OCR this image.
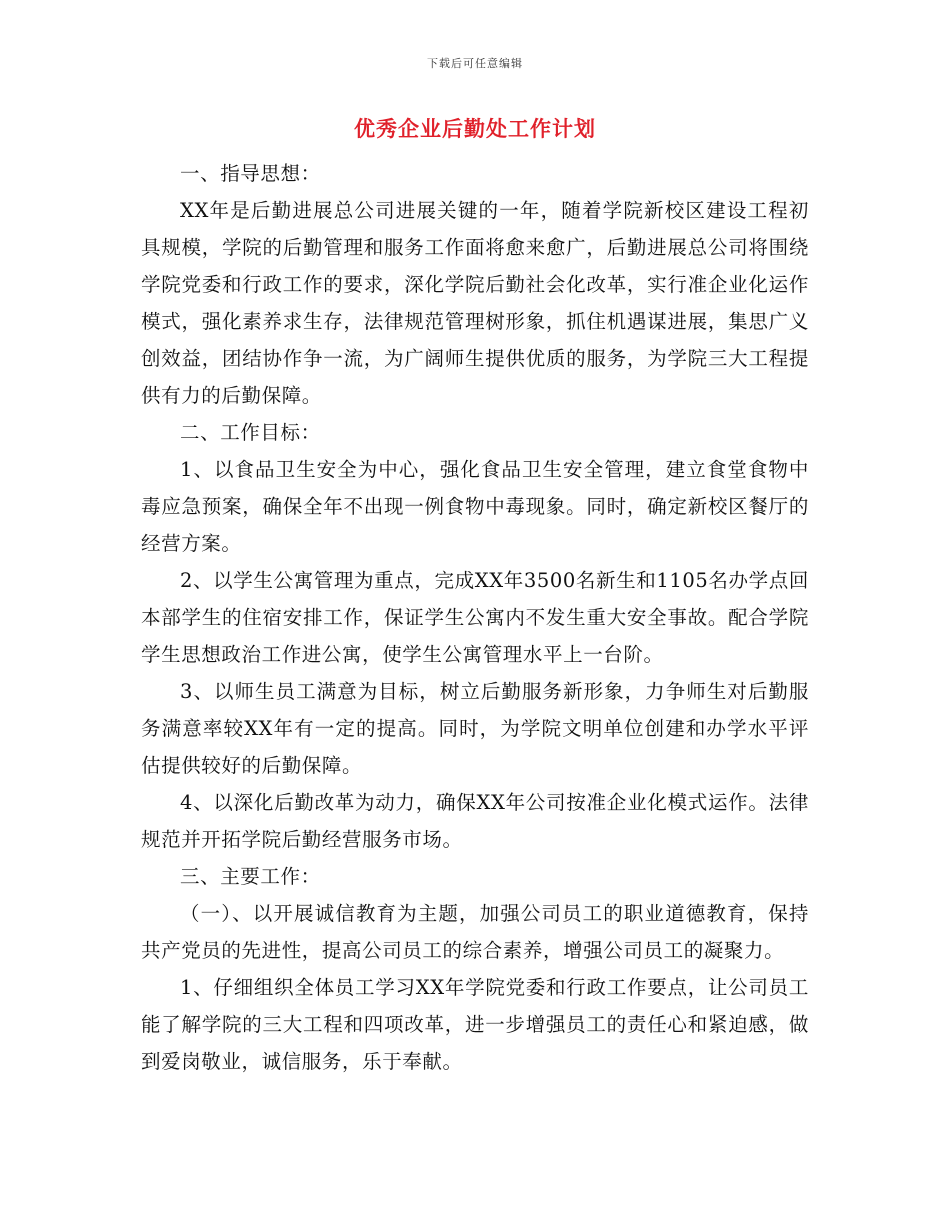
下载后可任意编辑
优秀企业后勤处工作计划

一、指导思想：

XX年是后勤进展总公司进展关键的一年，随着学院新校区建设工程初具规模，学院的后勤管理和服务工作面将愈来愈广，后勤进展总公司将围绕学院党委和行政工作的要求，深化学院后勤社会化改革，实行准企业化运作模式，强化素养求生存，法律规范管理树形象，抓住机遇谋进展，集思广义创效益，团结协作争一流，为广阔师生提供优质的服务，为学院三大工程提供有力的后勤保障。

二、工作目标：

1、以食品卫生安全为中心，强化食品卫生安全管理，建立食堂食物中毒应急预案，确保全年不出现一例食物中毒现象。同时，确定新校区餐厅的经营方案。

2、以学生公寓管理为重点，完成XX年3500名新生和1105名办学点回本部学生的住宿安排工作，保证学生公寓内不发生重大安全事故。配合学院学生思想政治工作进公寓，使学生公寓管理水平上一台阶。

3、以师生员工满意为目标，树立后勤服务新形象，力争师生对后勤服务满意率较XX年有一定的提高。同时，为学院文明单位创建和办学水平评估提供较好的后勤保障。

4、以深化后勤改革为动力，确保XX年公司按准企业化模式运作。法律规范并开拓学院后勤经营服务市场。

三、主要工作：

（一）、以开展诚信教育为主题，加强公司员工的职业道德教育，保持共产党员的先进性，提高公司员工的综合素养，增强公司员工的凝聚力。

1、仔细组织全体员工学习XX年学院党委和行政工作要点，让公司员工能了解学院的三大工程和四项改革，进一步增强员工的责任心和紧迫感，做到爱岗敬业，诚信服务，乐于奉献。
